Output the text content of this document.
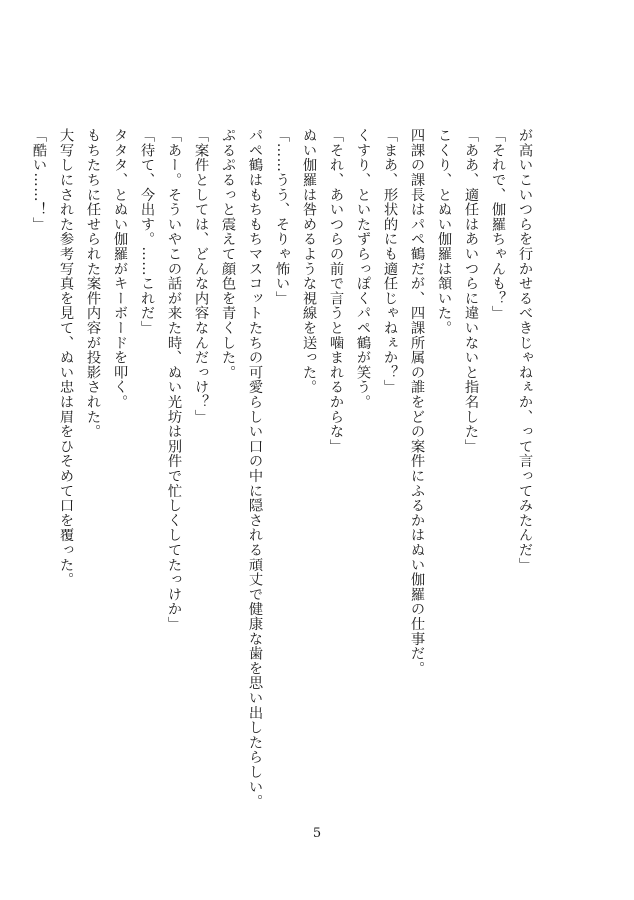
が高いこいつらを行かせるべきじゃねぇか、って言ってみたんだ」
「それで、伽羅ちゃんも？」
「ああ、適任はあいつらに違いないと指名した」
こくり、とぬい伽羅は頷いた。
四課の課長はパペ鶴だが、四課所属の誰をどの案件にふるかはぬい伽羅の仕事だ。
「まあ、形状的にも適任じゃねぇか？」
くすり、といたずらっぽくパペ鶴が笑う。
「それ、あいつらの前で言うと噛まれるからな」
ぬい伽羅は咎めるような視線を送った。
「……うう、そりゃ怖い」
パペ鶴はもちもちマスコットたちの可愛らしい口の中に隠される頑丈で健康な歯を思い出したらしい。
ぷるぷるっと震えて顔色を青くした。
「案件としては、どんな内容なんだっけ？」
「あー。そういやこの話が来た時、ぬい光坊は別件で忙しくしてたっけか」
「待て、今出す。……これだ」
タタタ、とぬい伽羅がキーボードを叩く。
もちたちに任せられた案件内容が投影された。
大写しにされた参考写真を見て、ぬい忠は眉をひそめて口を覆った。
「酷い……！」
5
